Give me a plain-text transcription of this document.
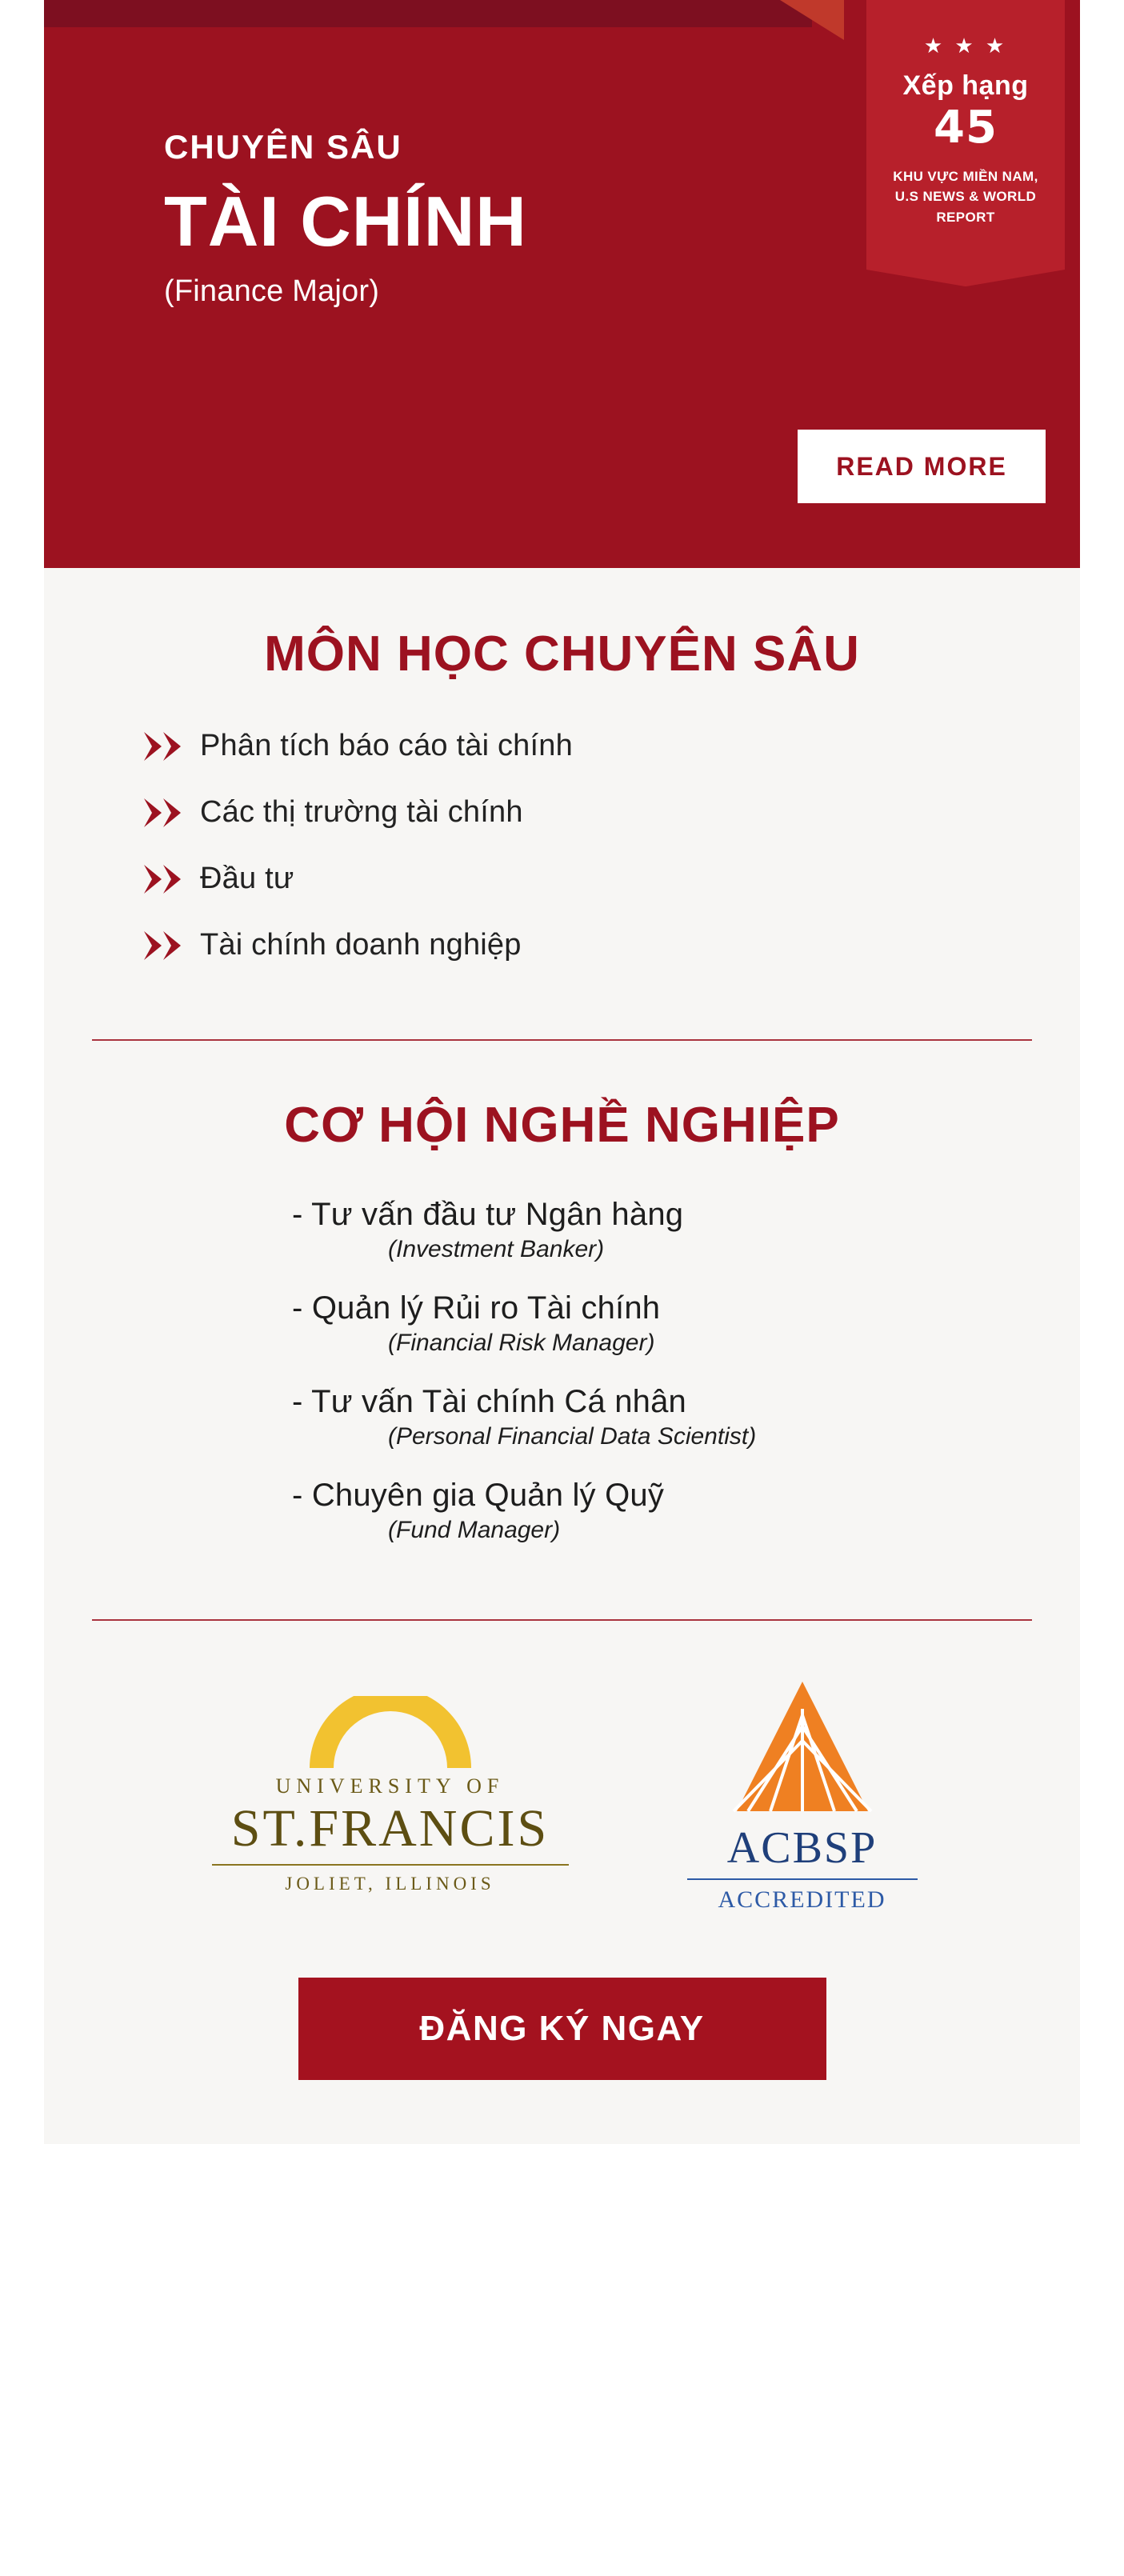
★ ★ ★
Xếp hạng
45
KHU VỰC MIỀN NAM,
U.S NEWS & WORLD REPORT
CHUYÊN SÂU
TÀI CHÍNH
(Finance Major)
READ MORE
MÔN HỌC CHUYÊN SÂU
Phân tích báo cáo tài chính
Các thị trường tài chính
Đầu tư
Tài chính doanh nghiệp
CƠ HỘI NGHỀ NGHIỆP
- Tư vấn đầu tư Ngân hàng
(Investment Banker)
- Quản lý Rủi ro Tài chính
(Financial Risk Manager)
- Tư vấn Tài chính Cá nhân
(Personal Financial Data Scientist)
- Chuyên gia Quản lý Quỹ
(Fund Manager)
UNIVERSITY OF
ST.FRANCIS
JOLIET, ILLINOIS
ACBSP
ACCREDITED
ĐĂNG KÝ NGAY
